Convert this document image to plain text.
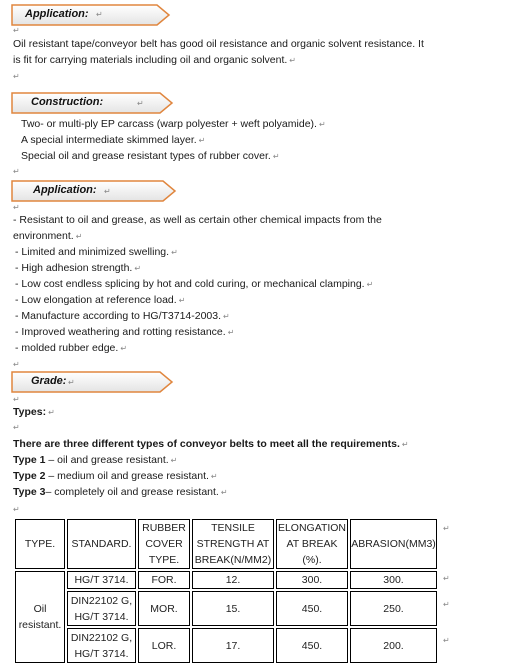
Application: ↵
↵
Oil resistant tape/conveyor belt has good oil resistance and organic solvent resistance. It
is fit for carrying materials including oil and organic solvent. ↵
↵
Construction:	↵
Two- or multi-ply EP carcass (warp polyester + weft polyamide). ↵
A special intermediate skimmed layer. ↵
Special oil and grease resistant types of rubber cover. ↵
↵
Application: ↵
↵
- Resistant to oil and grease, as well as certain other chemical impacts from the
environment. ↵
- Limited and minimized swelling. ↵
- High adhesion strength. ↵
- Low cost endless splicing by hot and cold curing, or mechanical clamping. ↵
- Low elongation at reference load. ↵
- Manufacture according to HG/T3714-2003. ↵
- Improved weathering and rotting resistance. ↵
- molded rubber edge. ↵
↵
Grade: ↵
↵
Types: ↵
↵
There are three different types of conveyor belts to meet all the requirements. ↵
Type 1 – oil and grease resistant. ↵
Type 2 – medium oil and grease resistant. ↵
Type 3– completely oil and grease resistant. ↵
↵
TYPE.	STANDARD.	RUBBER COVER TYPE.	TENSILE STRENGTH AT BREAK(N/MM2)	ELONGATION AT BREAK (%).	ABRASION(MM3)
Oil resistant.	HG/T 3714.	FOR.	12.	300.	300.
	DIN22102 G, HG/T 3714.	MOR.	15.	450.	250.
	DIN22102 G, HG/T 3714.	LOR.	17.	450.	200.
↵
↵
↵
↵
